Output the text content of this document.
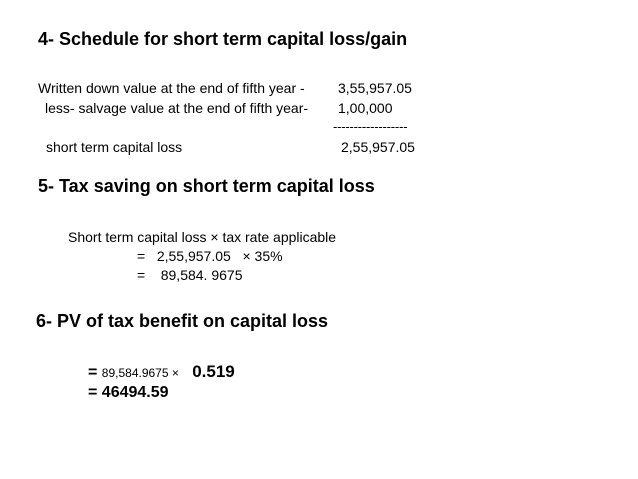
4- Schedule for short term capital loss/gain
Written down value at the end of fifth year - 3,55,957.05
less- salvage value at the end of fifth year- 1,00,000
------------------
short term capital loss	2,55,957.05
5- Tax saving on short term capital loss
Short term capital loss × tax rate applicable
=   2,55,957.05   × 35%
=    89,584. 9675
6- PV of tax benefit on capital loss
= 89,584.9675 × 0.519
= 46494.59
